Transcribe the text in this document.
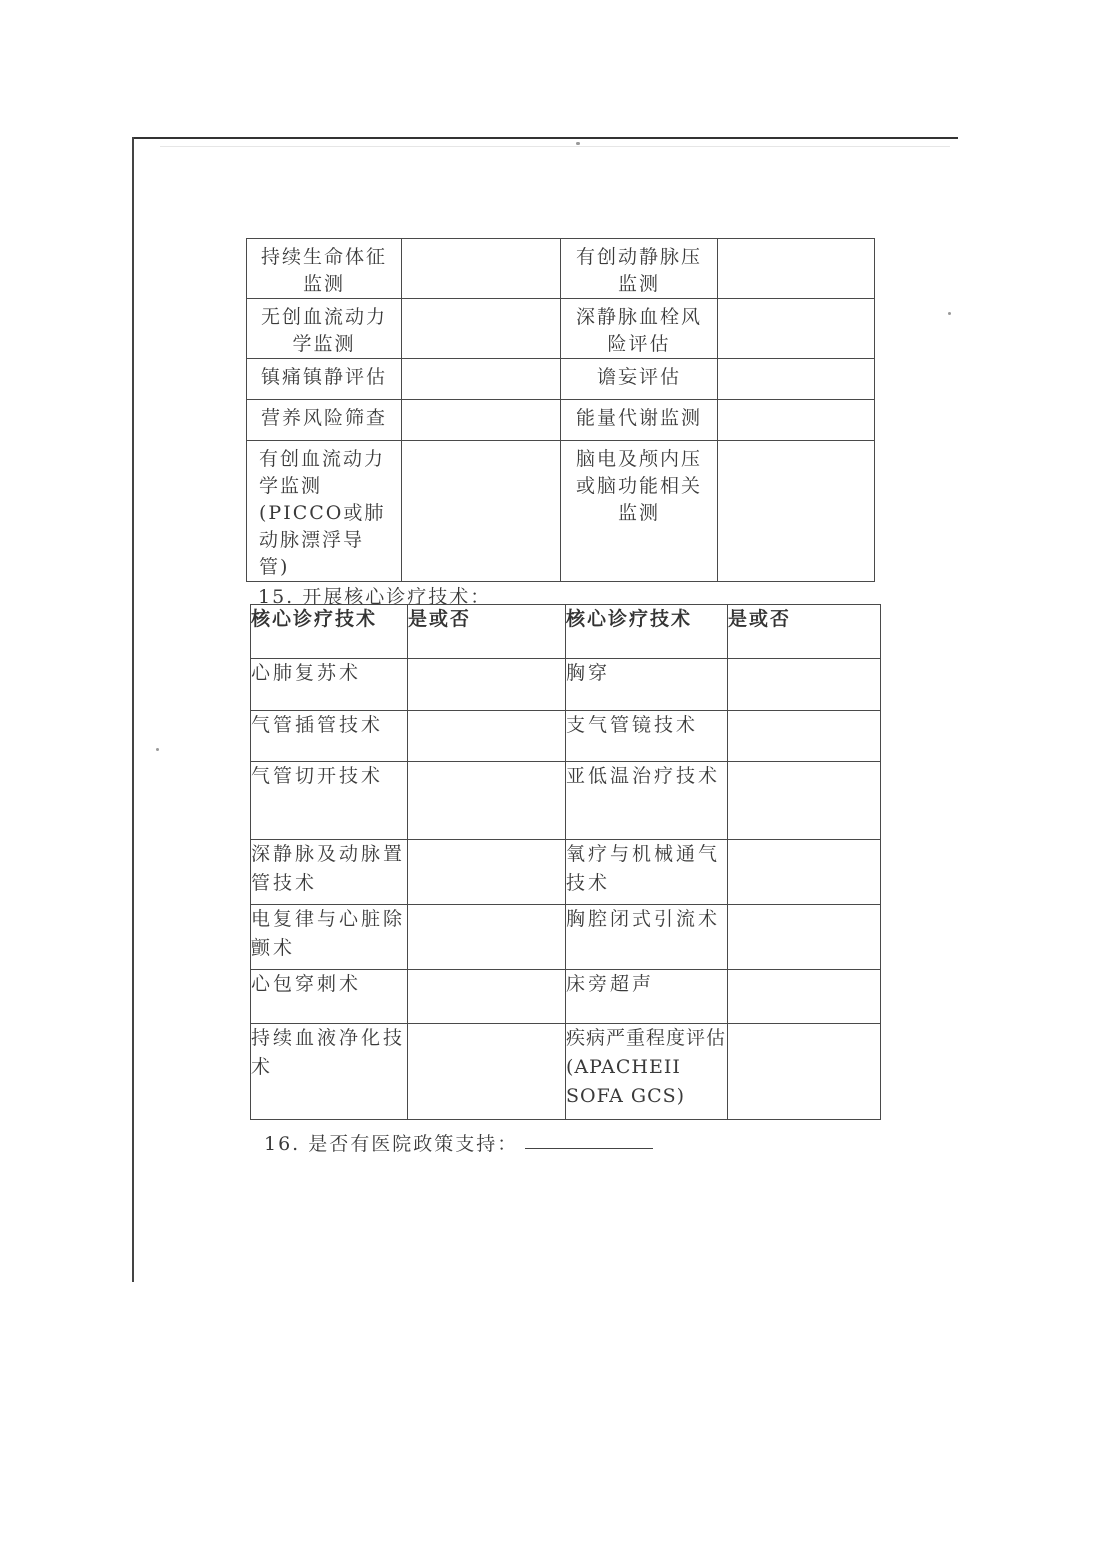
持续生命体征监测		有创动静脉压监测	
无创血流动力学监测		深静脉血栓风险评估	
镇痛镇静评估		谵妄评估	
营养风险筛查		能量代谢监测	
有创血流动力学监测(PICCO或肺动脉漂浮导管)		脑电及颅内压或脑功能相关监测	
15. 开展核心诊疗技术：
核心诊疗技术	是或否	核心诊疗技术	是或否
心肺复苏术		胸穿	
气管插管技术		支气管镜技术	
气管切开技术		亚低温治疗技术	
深静脉及动脉置管技术		氧疗与机械通气技术	
电复律与心脏除颤术		胸腔闭式引流术	
心包穿刺术		床旁超声	
持续血液净化技术		疾病严重程度评估 (APACHEII SOFA GCS)	
16. 是否有医院政策支持：
